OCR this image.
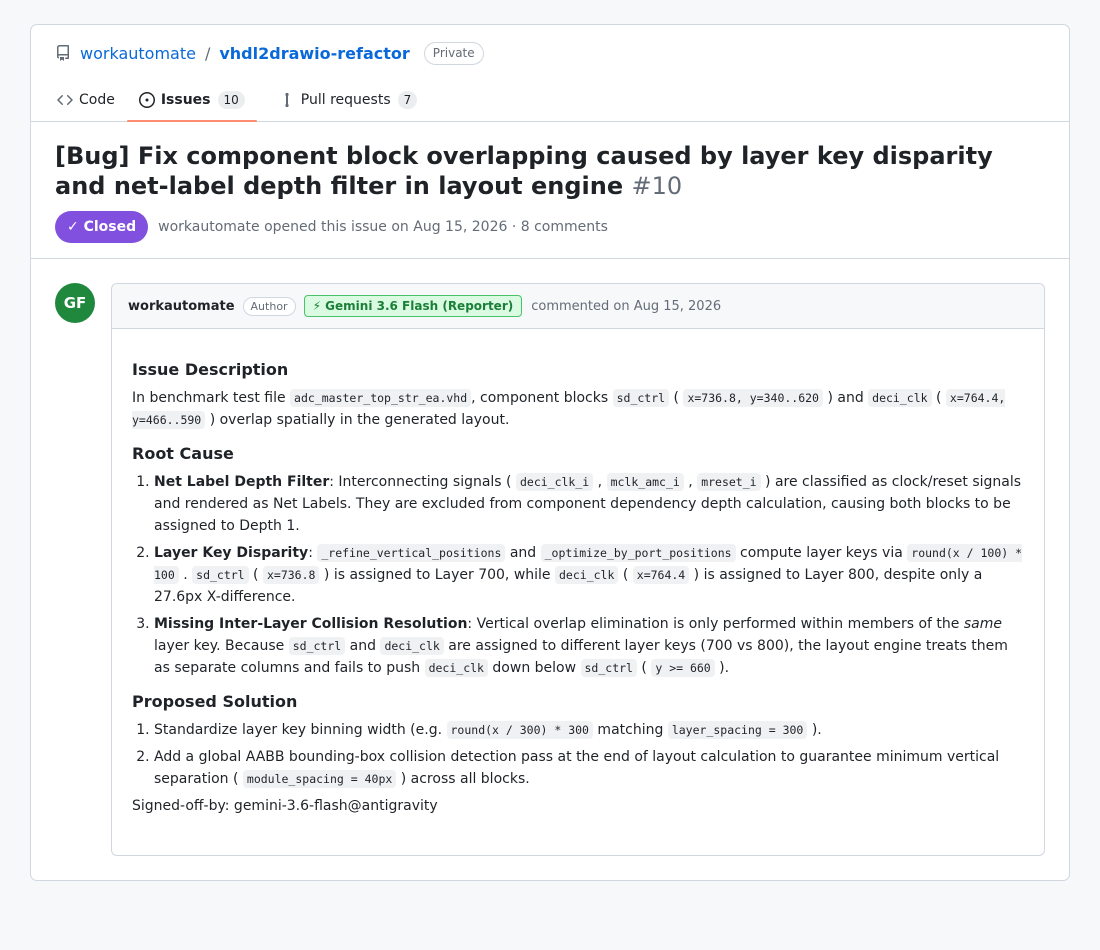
workautomate / vhdl2drawio-refactor	Private
Code	Issues	10	Pull requests	7
[Bug] Fix component block overlapping caused by layer key disparity and net-label depth filter in layout engine #10
✓ Closed	workautomate opened this issue on Aug 15, 2026 · 8 comments
GF	workautomate	Author	⚡ Gemini 3.6 Flash (Reporter)	commented on Aug 15, 2026
Issue Description

In benchmark test file adc_master_top_str_ea.vhd , component blocks sd_ctrl ( x=736.8, y=340..620 ) and deci_clk ( x=764.4, y=466..590 ) overlap spatially in the generated layout.

Root Cause
1. Net Label Depth Filter: Interconnecting signals ( deci_clk_i , mclk_amc_i , mreset_i ) are classified as clock/reset signals and rendered as Net Labels. They are excluded from component dependency depth calculation, causing both blocks to be assigned to Depth 1.
2. Layer Key Disparity: _refine_vertical_positions and _optimize_by_port_positions compute layer keys via round(x / 100) * 100 . sd_ctrl ( x=736.8 ) is assigned to Layer 700, while deci_clk ( x=764.4 ) is assigned to Layer 800, despite only a 27.6px X-difference.
3. Missing Inter-Layer Collision Resolution: Vertical overlap elimination is only performed within members of the same layer key. Because sd_ctrl and deci_clk are assigned to different layer keys (700 vs 800), the layout engine treats them as separate columns and fails to push deci_clk down below sd_ctrl ( y >= 660 ).
Proposed Solution
1. Standardize layer key binning width (e.g. round(x / 300) * 300 matching layer_spacing = 300 ).
2. Add a global AABB bounding-box collision detection pass at the end of layout calculation to guarantee minimum vertical separation ( module_spacing = 40px ) across all blocks.

Signed-off-by: gemini-3.6-flash@antigravity
